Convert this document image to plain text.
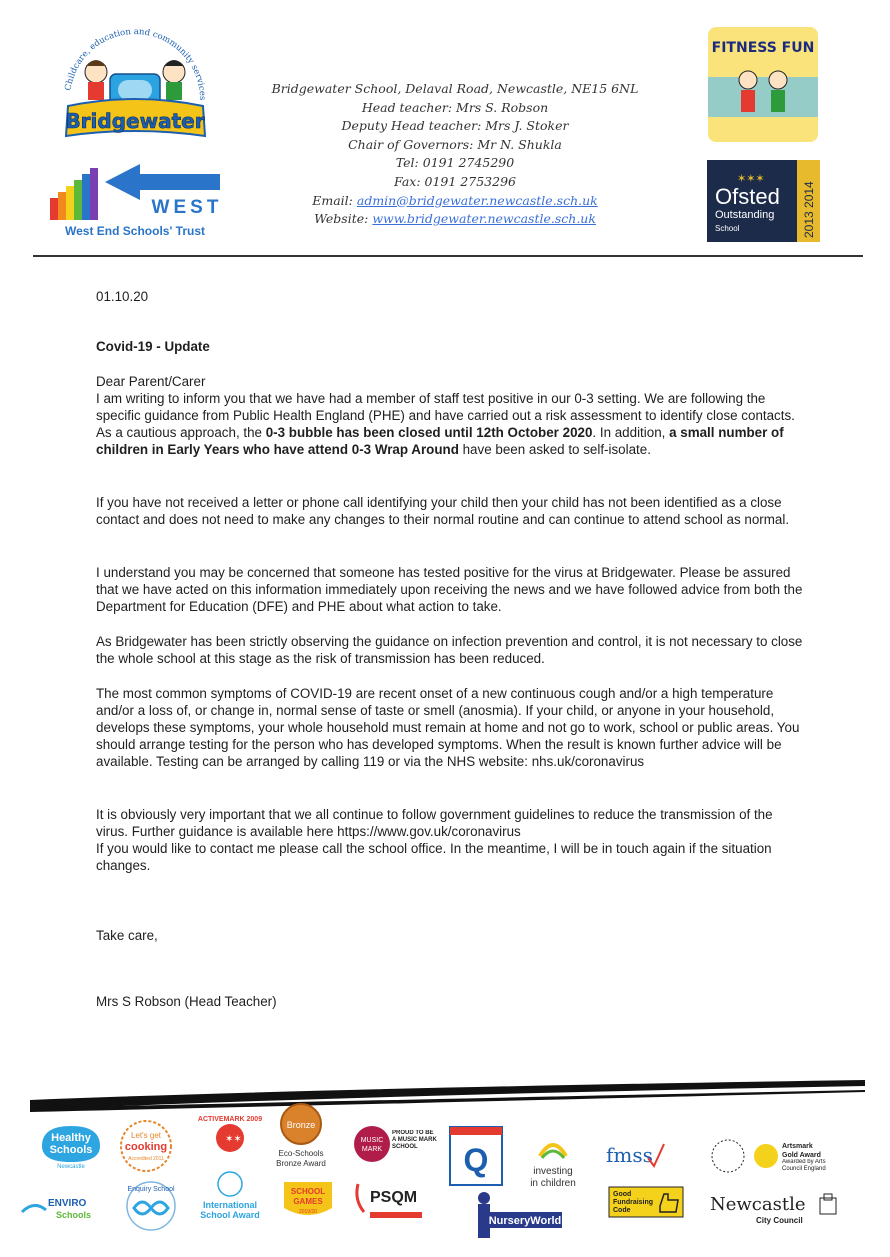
Childcare, education and community services
Bridgewater
WEST
West End Schools' Trust
FITNESS FUN
✶✶✶
Ofsted
Outstanding
School	2013 2014
Bridgewater School, Delaval Road, Newcastle, NE15 6NL
Head teacher: Mrs S. Robson
Deputy Head teacher: Mrs J. Stoker
Chair of Governors: Mr N. Shukla
Tel: 0191 2745290
Fax: 0191 2753296
Email: admin@bridgewater.newcastle.sch.uk
Website: www.bridgewater.newcastle.sch.uk
01.10.20
Covid-19 - Update
Dear Parent/Carer
I am writing to inform you that we have had a member of staff test positive in our 0-3 setting. We are following the specific guidance from Public Health England (PHE) and have carried out a risk assessment to identify close contacts. As a cautious approach, the 0-3 bubble has been closed until 12th October 2020. In addition, a small number of children in Early Years who have attend 0-3 Wrap Around have been asked to self-isolate.
If you have not received a letter or phone call identifying your child then your child has not been identified as a close contact and does not need to make any changes to their normal routine and can continue to attend school as normal.
I understand you may be concerned that someone has tested positive for the virus at Bridgewater. Please be assured that we have acted on this information immediately upon receiving the news and we have followed advice from both the Department for Education (DFE) and PHE about what action to take.
As Bridgewater has been strictly observing the guidance on infection prevention and control, it is not necessary to close the whole school at this stage as the risk of transmission has been reduced.
The most common symptoms of COVID-19 are recent onset of a new continuous cough and/or a high temperature and/or a loss of, or change in, normal sense of taste or smell (anosmia). If your child, or anyone in your household, develops these symptoms, your whole household must remain at home and not go to work, school or public areas. You should arrange testing for the person who has developed symptoms. When the result is known further advice will be available. Testing can be arranged by calling 119 or via the NHS website: nhs.uk/coronavirus
It is obviously very important that we all continue to follow government guidelines to reduce the transmission of the virus. Further guidance is available here https://www.gov.uk/coronavirus
If you would like to contact me please call the school office. In the meantime, I will be in touch again if the situation changes.
Take care,
Mrs S Robson (Head Teacher)
Healthy
Schools
Newcastle
Let's get
cooking
Accredited 2011
✶✶
ACTIVEMARK 2009
Bronze
Eco-Schools
Bronze Award
MUSIC
MARK
PROUD TO BE A MUSIC MARK SCHOOL	Q	investing
in children
fmss	Artsmark
Gold Award
Awarded by Arts Council England
ENVIRO
Schools
Enquiry School
International
School Award
SCHOOL
GAMES
2019/20
PSQM
NurseryWorld
Good
Fundraising
Code	Newcastle
City Council
